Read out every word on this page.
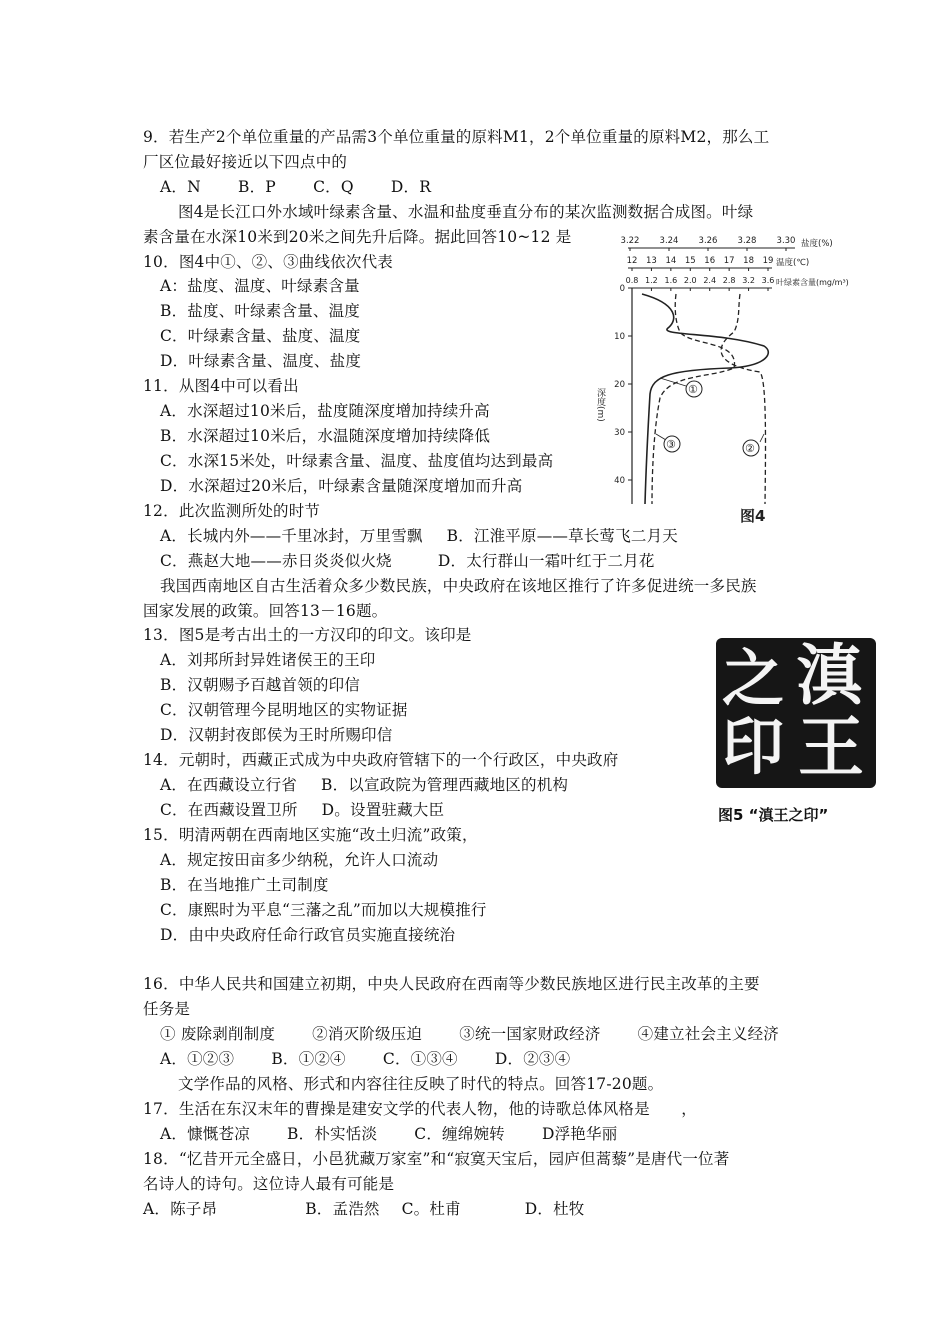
9．若生产2个单位重量的产品需3个单位重量的原料M1，2个单位重量的原料M2，那么工
厂区位最好接近以下四点中的
A．N B．P C．Q D．R
图4是长江口外水域叶绿素含量、水温和盐度垂直分布的某次监测数据合成图。叶绿
素含量在水深10米到20米之间先升后降。据此回答10~12 是
10．图4中①、②、③曲线依次代表
A：盐度、温度、叶绿素含量
B．盐度、叶绿素含量、温度
C．叶绿素含量、盐度、温度
D．叶绿素含量、温度、盐度
11．从图4中可以看出
A．水深超过10米后，盐度随深度增加持续升高
B．水深超过10米后，水温随深度增加持续降低
C．水深15米处，叶绿素含量、温度、盐度值均达到最高
D．水深超过20米后，叶绿素含量随深度增加而升高
12．此次监测所处的时节
A．长城内外——千里冰封，万里雪飘 B．江淮平原——草长莺飞二月天
C．燕赵大地——赤日炎炎似火烧	D．太行群山一霜叶红于二月花
我国西南地区自古生活着众多少数民族，中央政府在该地区推行了许多促进统一多民族
国家发展的政策。回答13－16题。
13．图5是考古出土的一方汉印的印文。该印是
A．刘邦所封异姓诸侯王的王印
B．汉朝赐予百越首领的印信
C．汉朝管理今昆明地区的实物证据
D．汉朝封夜郎侯为王时所赐印信
14．元朝时，西藏正式成为中央政府管辖下的一个行政区，中央政府
A．在西藏设立行省 B．以宣政院为管理西藏地区的机构
C．在西藏设置卫所 D。设置驻藏大臣
15．明清两朝在西南地区实施“改土归流”政策，
A．规定按田亩多少纳税，允许人口流动
B．在当地推广土司制度
C．康熙时为平息“三藩之乱”而加以大规模推行
D．由中央政府任命行政官员实施直接统治
16．中华人民共和国建立初期，中央人民政府在西南等少数民族地区进行民主改革的主要
任务是
① 废除剥削制度 ②消灭阶级压迫 ③统一国家财政经济 ④建立社会主义经济
A．①②③ B．①②④ C．①③④ D．②③④
文学作品的风格、形式和内容往往反映了时代的特点。回答17-20题。
17．生活在东汉末年的曹操是建安文学的代表人物，他的诗歌总体风格是　　，
A．慷慨苍凉 B．朴实恬淡 C．缠绵婉转 D浮艳华丽
18．“忆昔开元全盛日，小邑犹藏万家室”和“寂寞天宝后，园庐但蒿藜”是唐代一位著
名诗人的诗句。这位诗人最有可能是
A．陈子昂	B．孟浩然 C。杜甫	D．杜牧
3.22 3.24 3.26 3.28 3.30 盐度(%)
12 13 14 15 16 17 18 19 温度(℃)
0.8 1.2 1.6 2.0 2.4 2.8 3.2 3.6 叶绿素含量(mg/m³)
0
10
20
30
40
深度(m)	①
②
③
图4
滇
王
之
印
图5 “滇王之印”
